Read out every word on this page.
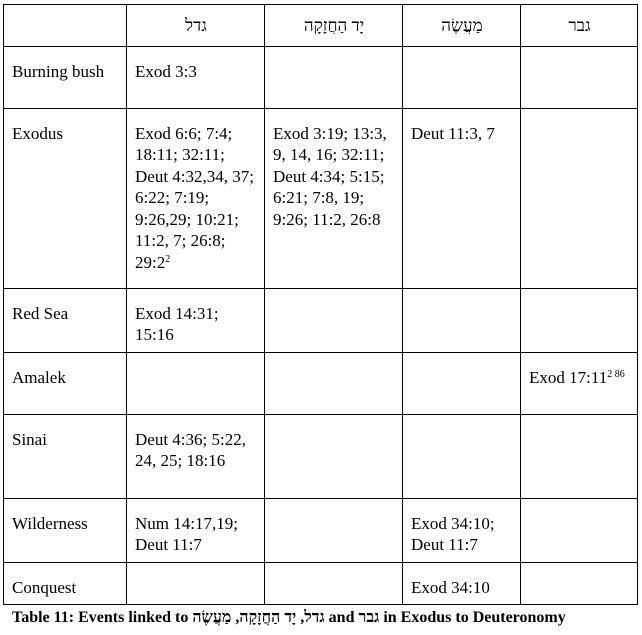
	גדל	יָד הַחֲזָקָה	מַעֲשֶׂה	גבר
Burning bush	Exod 3:3			
Exodus	Exod 6:6; 7:4; 18:11; 32:11; Deut 4:32,34, 37; 6:22; 7:19; 9:26,29; 10:21; 11:2, 7; 26:8; $29:2^2$	Exod 3:19; 13:3, 9, 14, 16; 32:11; Deut 4:34; 5:15; 6:21; 7:8, 19; 9:26; 11:2, 26:8	Deut 11:3, 7	
Red Sea	Exod 14:31; 15:16			
Amalek				Exod $17:11^{2 86}$
Sinai	Deut 4:36; 5:22, 24, 25; 18:16			
Wilderness	Num 14:17,19; Deut 11:7		Exod 34:10; Deut 11:7	
Conquest			Exod 34:10	
Table 11: Events linked to גדל, יָד הַחֲזָקָה, מַעֲשֶׂה and גבר in Exodus to Deuteronomy
